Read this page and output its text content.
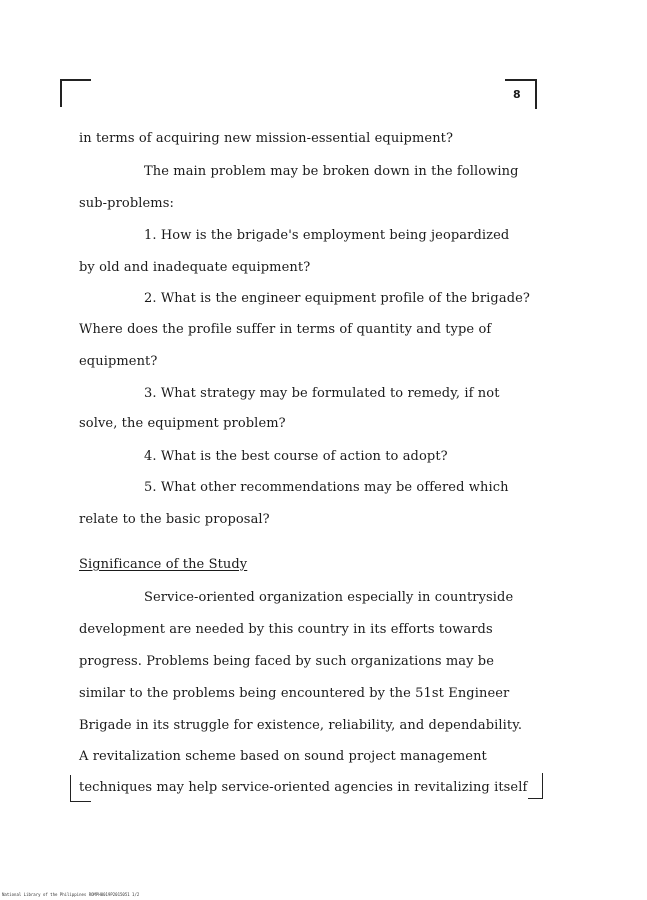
8
in terms of acquiring new mission-essential equipment?
The main problem may be broken down in the following
sub-problems:
1. How is the brigade's employment being jeopardized
by old and inadequate equipment?
2. What is the engineer equipment profile of the brigade?
Where does the profile suffer in terms of quantity and type of
equipment?
3. What strategy may be formulated to remedy, if not
solve, the equipment problem?
4. What is the best course of action to adopt?
5. What other recommendations may be offered which
relate to the basic proposal?
Significance of the Study
Service-oriented organization especially in countryside
development are needed by this country in its efforts towards
progress. Problems being faced by such organizations may be
similar to the problems being encountered by the 51st Engineer
Brigade in its struggle for existence, reliability, and dependability.
A revitalization scheme based on sound project management
techniques may help service-oriented agencies in revitalizing itself
National Library of the Philippines ROMPH0019P2015051 1/2
